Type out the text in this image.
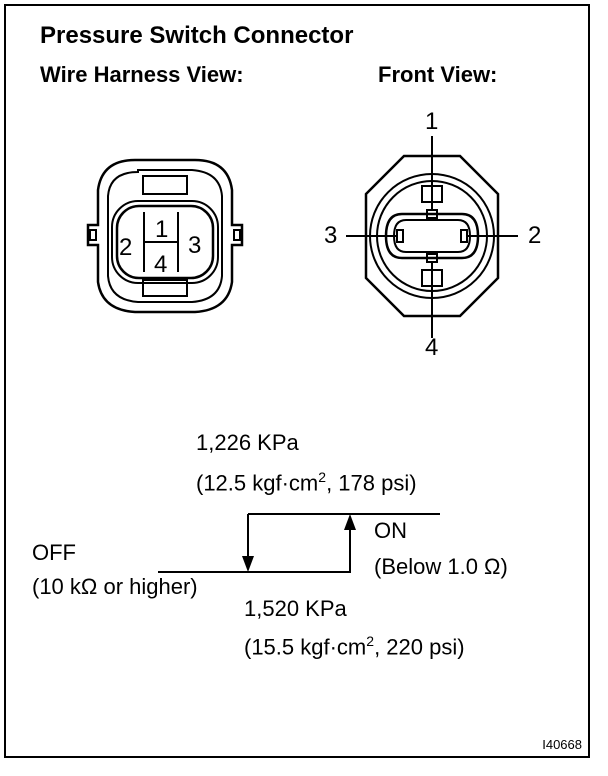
Pressure Switch Connector
Wire Harness View:	Front View:
1
2 3
4
1
2
3
4
1,226 KPa
(12.5 $kgf\cdot cm^2$, 178 psi)
OFF
(10 kΩ or higher)
ON
(Below 1.0 Ω)
1,520 KPa
(15.5 $kgf\cdot cm^2$, 220 psi)
I40668
